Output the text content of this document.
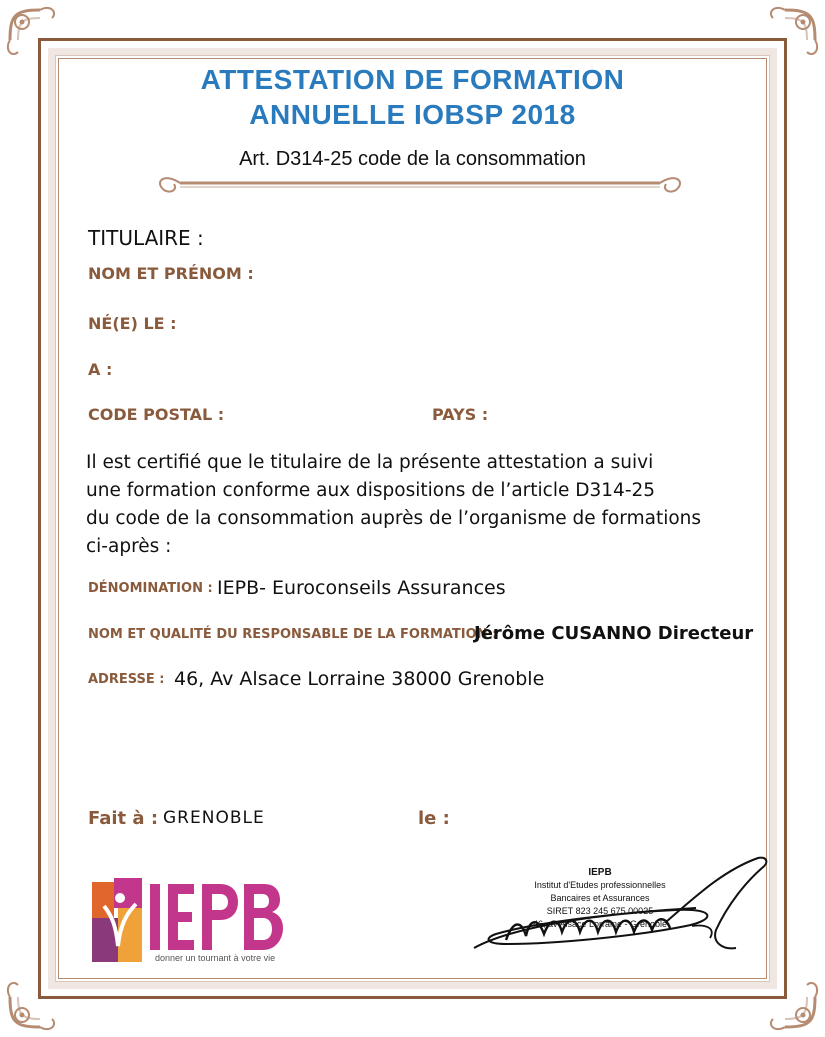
ATTESTATION DE FORMATION
ANNUELLE IOBSP 2018
Art. D314-25 code de la consommation
TITULAIRE :
NOM ET PRÉNOM :
NÉ(E) LE :
A :
CODE POSTAL :	PAYS :
Il est certifié que le titulaire de la présente attestation a suivi
une formation conforme aux dispositions de l’article D314-25
du code de la consommation auprès de l’organisme de formations
ci-après :
DÉNOMINATION : IEPB- Euroconseils Assurances
NOM ET QUALITÉ DU RESPONSABLE DE LA FORMATION :
Jérôme CUSANNO Directeur
ADRESSE : 46, Av Alsace Lorraine 38000 Grenoble
Fait à : GRENOBLE	le :
donner un tournant à votre vie
IEPB
Institut d'Etudes professionnelles
Bancaires et Assurances
SIRET 823 245 675 00025
46, av Alsace Lorraine - Grenoble
